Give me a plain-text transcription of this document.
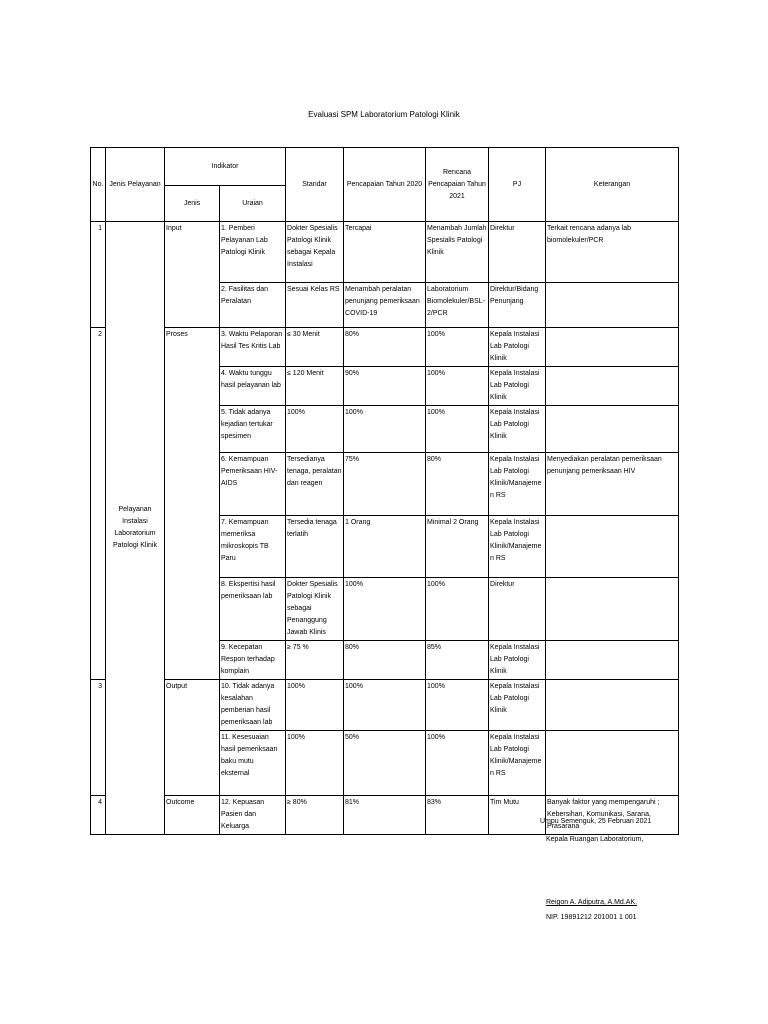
Evaluasi SPM Laboratorium Patologi Klinik
No.	Jenis Pelayanan	Indikator		Standar	Pencapaian Tahun 2020	Rencana Pencapaian Tahun 2021	PJ	Keterangan
		Jenis	Uraian					
1	Pelayanan Instalasi Laboratorium Patologi Klinik	Input	1. Pemberi Pelayanan Lab Patologi Klinik	Dokter Spesialis Patologi Klinik sebagai Kepala Instalasi	Tercapai	Menambah Jumlah Spesialis Patologi Klinik	Direktur	Terkait rencana adanya lab biomolekuler/PCR
			2. Fasilitas dan Peralatan	Sesuai Kelas RS	Menambah peralatan penunjang pemeriksaan COVID-19	Laboratorium Biomolekuler/BSL-2/PCR	Direktur/Bidang Penunjang	
2		Proses	3. Waktu Pelaporan Hasil Tes Kritis Lab	≤ 30 Menit	80%	100%	Kepala Instalasi Lab Patologi Klinik	
			4. Waktu tunggu hasil pelayanan lab	≤ 120 Menit	90%	100%	Kepala Instalasi Lab Patologi Klinik	
			5. Tidak adanya kejadian tertukar spesimen	100%	100%	100%	Kepala Instalasi Lab Patologi Klinik	
			6. Kemampuan Pemeriksaan HIV-AIDS	Tersedianya tenaga, peralatan dan reagen	75%	80%	Kepala Instalasi Lab Patologi Klinik/Manajemen RS	Menyediakan peralatan pemeriksaan penunjang pemeriksaan HIV
			7. Kemampuan memeriksa mikroskopis TB Paru	Tersedia tenaga terlatih	1 Orang	Minimal 2 Orang	Kepala Instalasi Lab Patologi Klinik/Manajemen RS	
			8. Ekspertisi hasil pemeriksaan lab	Dokter Spesialis Patologi Klinik sebagai Penanggung Jawab Klinis	100%	100%	Direktur	
			9. Kecepatan Respon terhadap komplain	≥ 75 %	80%	85%	Kepala Instalasi Lab Patologi Klinik	
3		Output	10. Tidak adanya kesalahan pemberian hasil pemeriksaan lab	100%	100%	100%	Kepala Instalasi Lab Patologi Klinik	
			11. Kesesuaian hasil pemeriksaan baku mutu eksternal	100%	50%	100%	Kepala Instalasi Lab Patologi Klinik/Manajemen RS	
4		Outcome	12. Kepuasan Pasien dan Keluarga	≥ 80%	81%	83%	Tim Mutu	Banyak faktor yang mempengaruhi ; Kebersihan, Komunikasi, Sarana, Prasarana
Umpu Semenguk, 25 Februari 2021
Kepala Ruangan Laboratorium,
Reigon A. Adiputra, A.Md.AK.
NIP. 19891212 201001 1 001
